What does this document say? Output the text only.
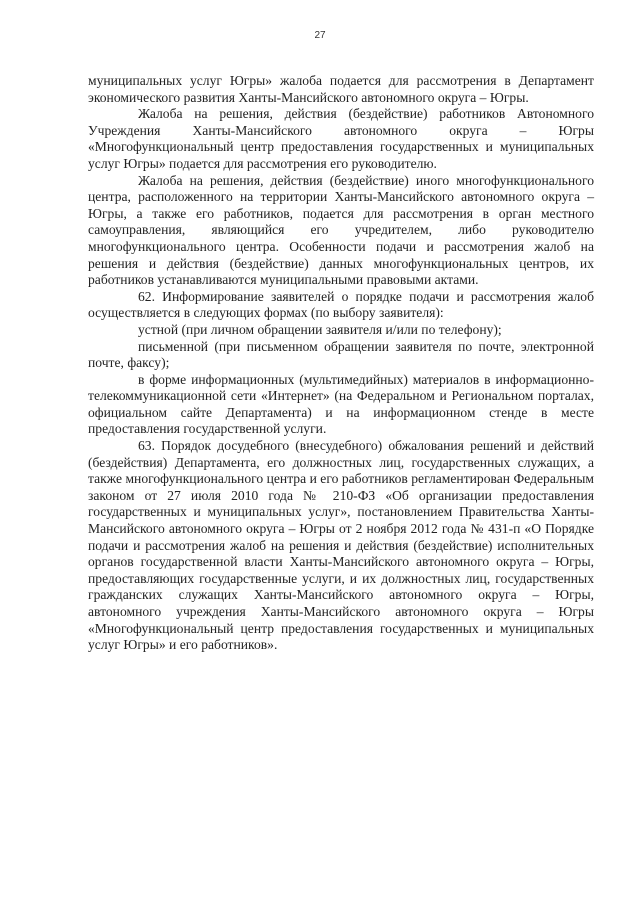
27

муниципальных услуг Югры» жалоба подается для рассмотрения в Департамент экономического развития Ханты-Мансийского автономного округа – Югры.

Жалоба на решения, действия (бездействие) работников Автономного Учреждения Ханты-Мансийского автономного округа – Югры «Многофункциональный центр предоставления государственных и муниципальных услуг Югры» подается для рассмотрения его руководителю.

Жалоба на решения, действия (бездействие) иного многофункционального центра, расположенного на территории Ханты-Мансийского автономного округа – Югры, а также его работников, подается для рассмотрения в орган местного самоуправления, являющийся его учредителем, либо руководителю многофункционального центра. Особенности подачи и рассмотрения жалоб на решения и действия (бездействие) данных многофункциональных центров, их работников устанавливаются муниципальными правовыми актами.

62. Информирование заявителей о порядке подачи и рассмотрения жалоб осуществляется в следующих формах (по выбору заявителя):

устной (при личном обращении заявителя и/или по телефону);

письменной (при письменном обращении заявителя по почте, электронной почте, факсу);

в форме информационных (мультимедийных) материалов в информационно-телекоммуникационной сети «Интернет» (на Федеральном и Региональном порталах, официальном сайте Департамента) и на информационном стенде в месте предоставления государственной услуги.

63. Порядок досудебного (внесудебного) обжалования решений и действий (бездействия) Департамента, его должностных лиц, государственных служащих, а также многофункционального центра и его работников регламентирован Федеральным законом от 27 июля 2010 года № 210-ФЗ «Об организации предоставления государственных и муниципальных услуг», постановлением Правительства Ханты-Мансийского автономного округа – Югры от 2 ноября 2012 года № 431-п «О Порядке подачи и рассмотрения жалоб на решения и действия (бездействие) исполнительных органов государственной власти Ханты-Мансийского автономного округа – Югры, предоставляющих государственные услуги, и их должностных лиц, государственных гражданских служащих Ханты-Мансийского автономного округа – Югры, автономного учреждения Ханты-Мансийского автономного округа – Югры «Многофункциональный центр предоставления государственных и муниципальных услуг Югры» и его работников».
